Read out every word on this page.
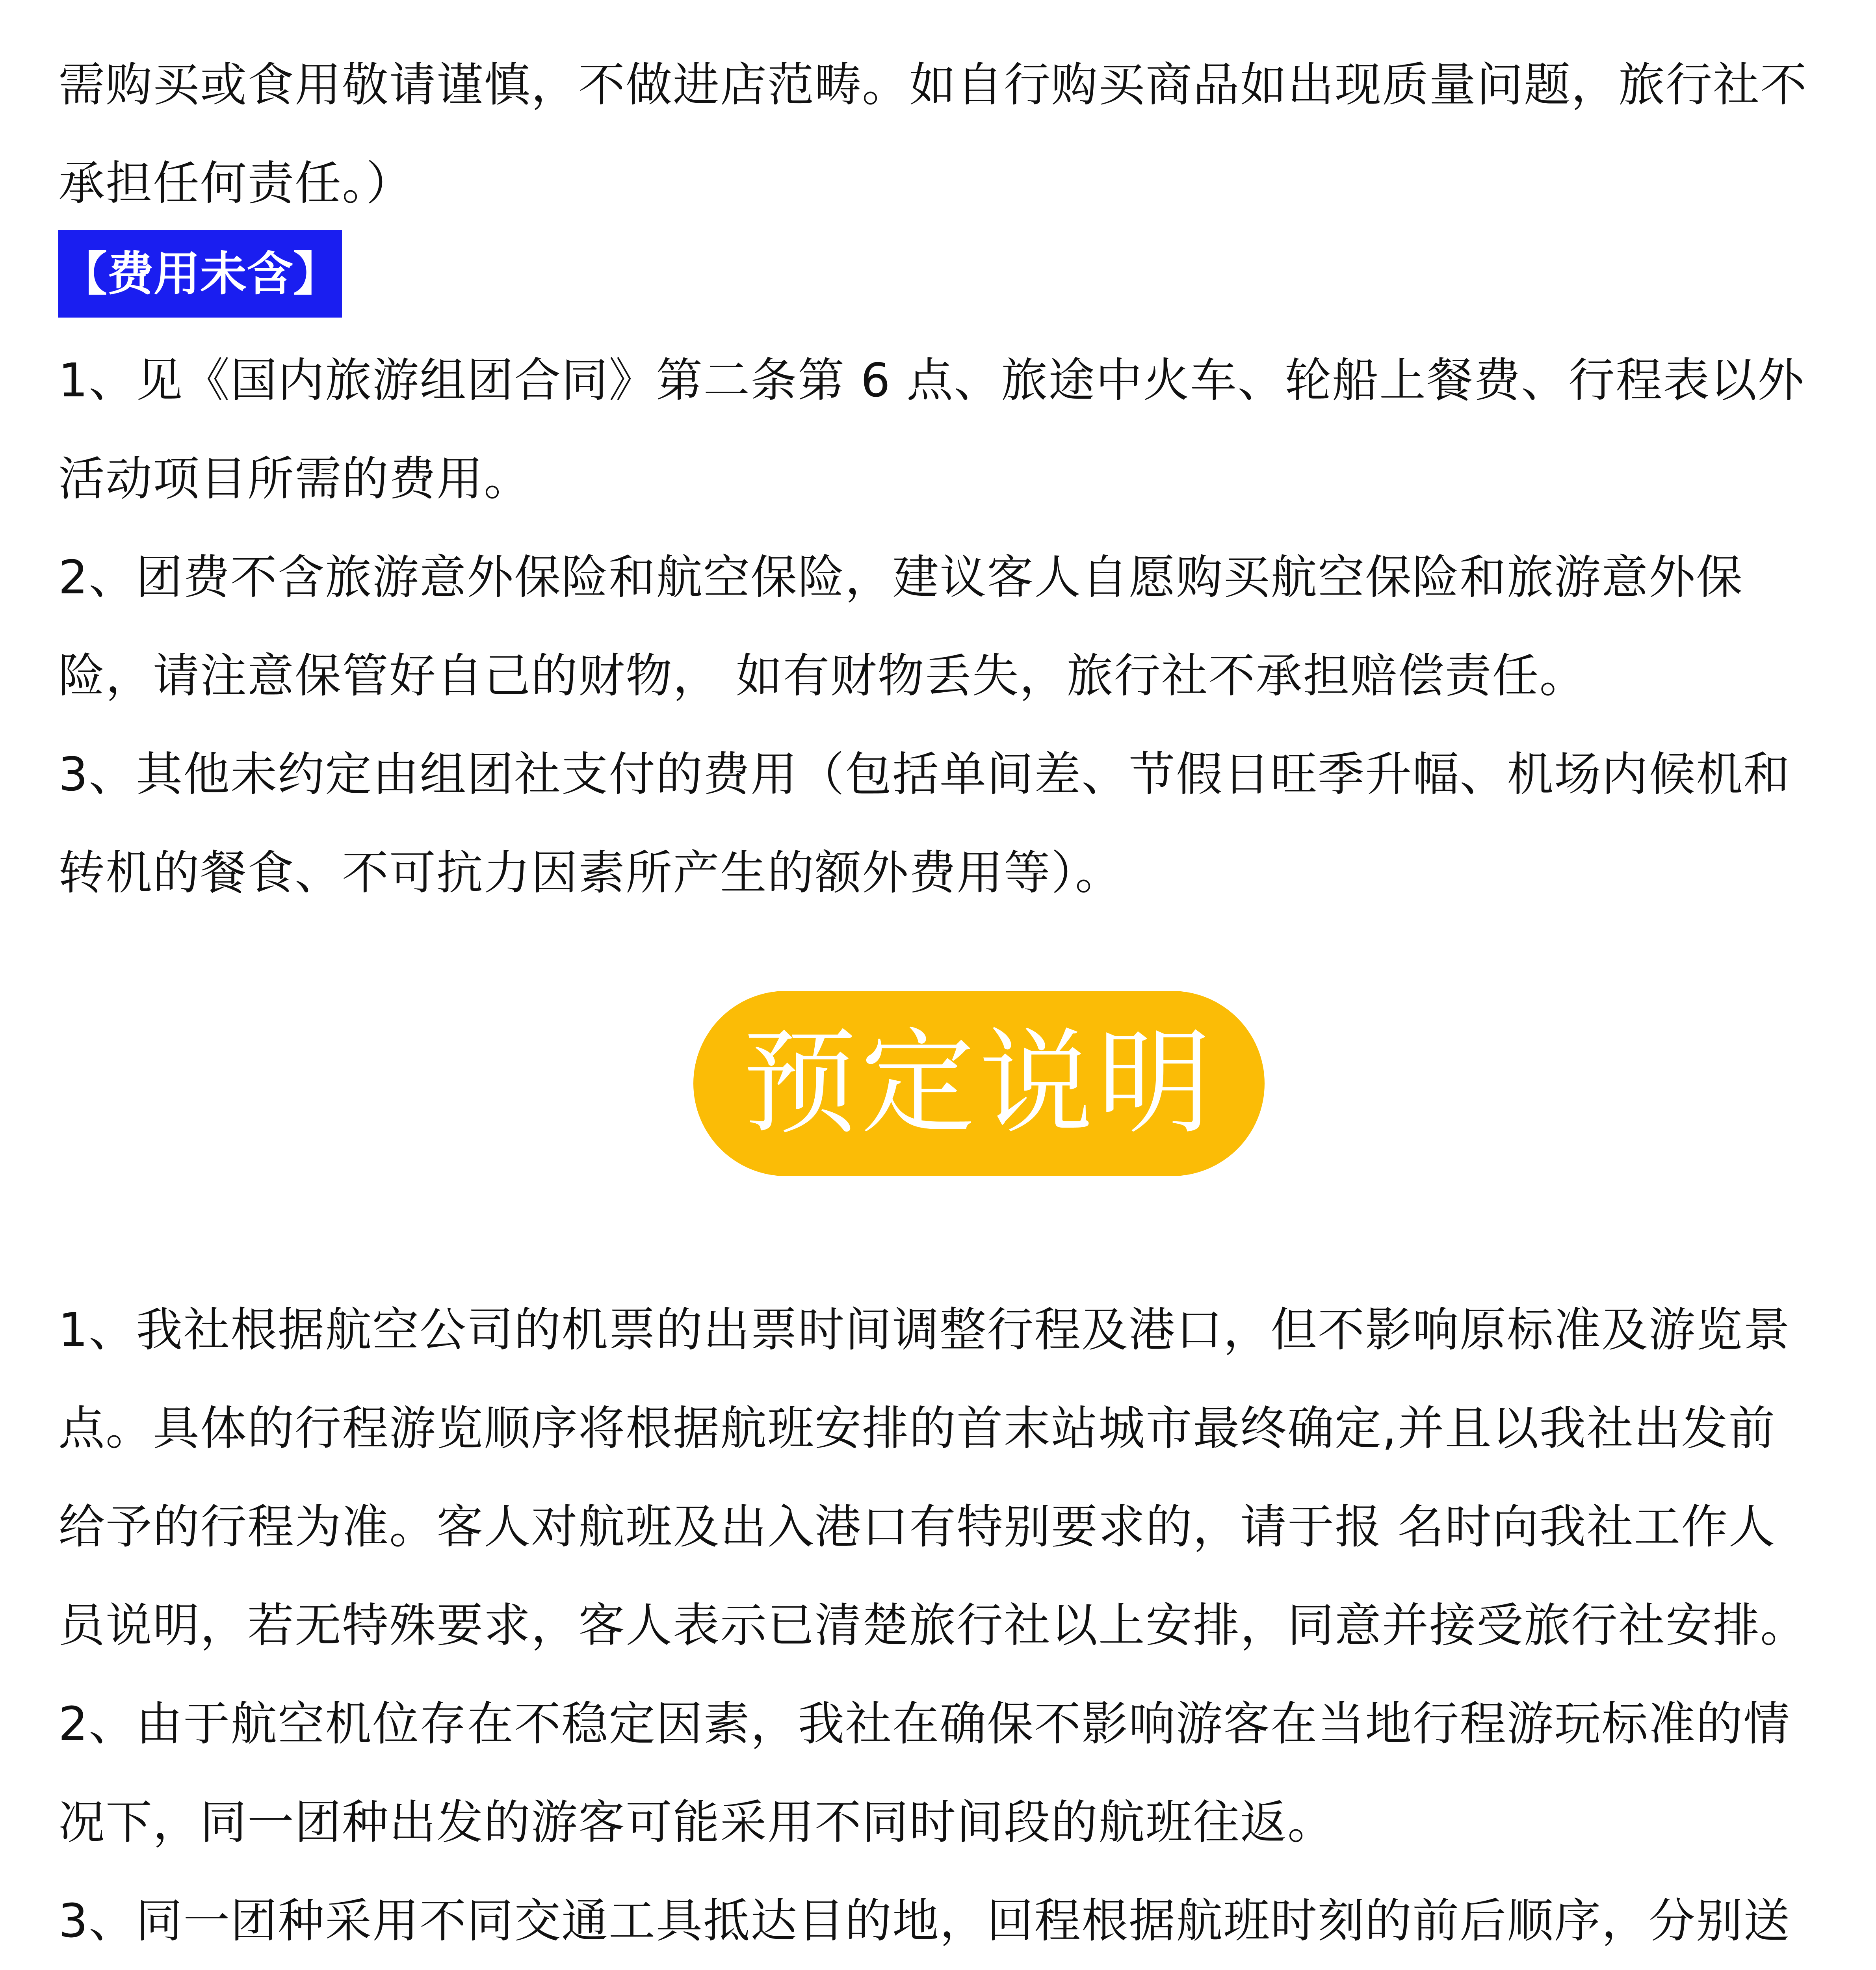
需购买或食用敬请谨慎，不做进店范畴。如自行购买商品如出现质量问题，旅行社不承担任何责任。）

【费用未含】

1、见《国内旅游组团合同》第二条第 6 点、旅途中火车、轮船上餐费、行程表以外活动项目所需的费用。

2、团费不含旅游意外保险和航空保险，建议客人自愿购买航空保险和旅游意外保险，请注意保管好自己的财物， 如有财物丢失，旅行社不承担赔偿责任。

3、其他未约定由组团社支付的费用（包括单间差、节假日旺季升幅、机场内候机和转机的餐食、不可抗力因素所产生的额外费用等）。

预定说明

1、我社根据航空公司的机票的出票时间调整行程及港口，但不影响原标准及游览景点。具体的行程游览顺序将根据航班安排的首末站城市最终确定,并且以我社出发前给予的行程为准。客人对航班及出入港口有特别要求的，请于报 名时向我社工作人员说明，若无特殊要求，客人表示已清楚旅行社以上安排，同意并接受旅行社安排。

2、由于航空机位存在不稳定因素，我社在确保不影响游客在当地行程游玩标准的情况下，同一团种出发的游客可能采用不同时间段的航班往返。

3、同一团种采用不同交通工具抵达目的地，回程根据航班时刻的前后顺序，分别送
